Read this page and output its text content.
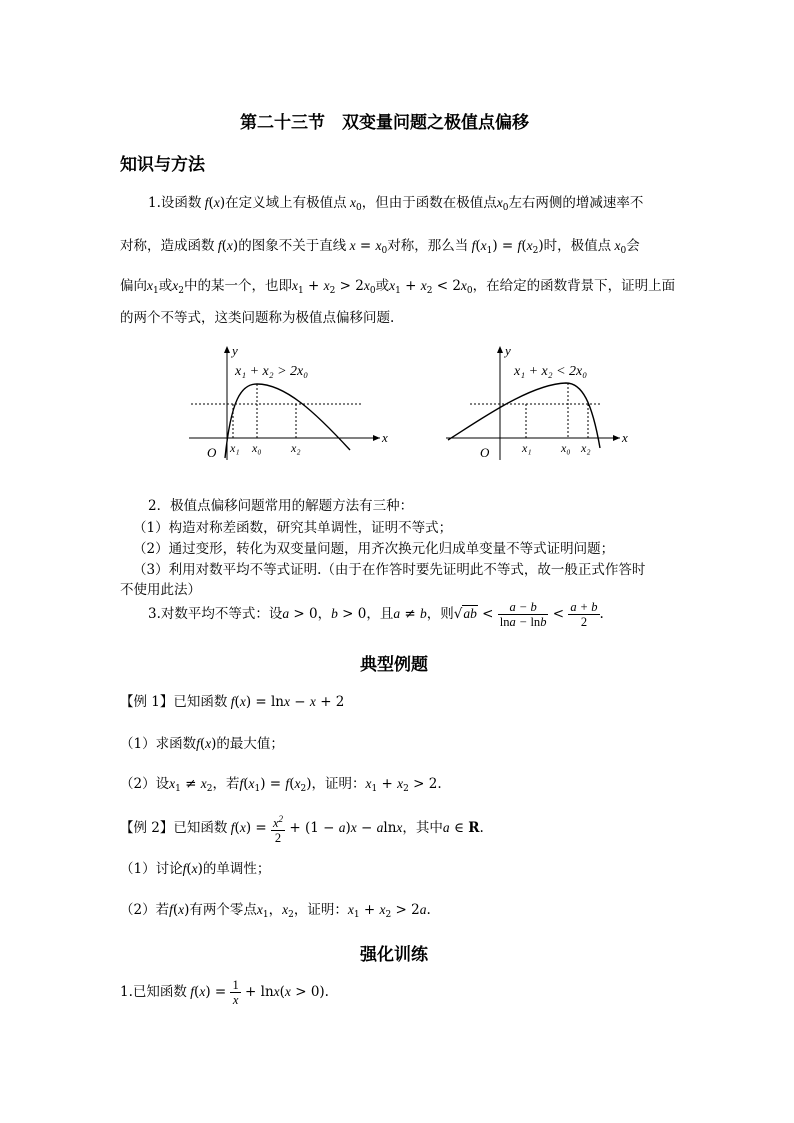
第二十三节　双变量问题之极值点偏移
知识与方法
1.设函数 f(x)在定义域上有极值点 $x_0$，但由于函数在极值点$x_0$左右两侧的增减速率不
对称，造成函数 f(x)的图象不关于直线 $x = x_0$对称，那么当 $f(x_1) = f(x_2)$时，极值点 $x_0$会
偏向$x_1$或$x_2$中的某一个，也即$x_1 + x_2 > 2x_0$或$x_1 + x_2 < 2x_0$，在给定的函数背景下，证明上面
的两个不等式，这类问题称为极值点偏移问题.
y
x₁ + x₂ > 2x₀
x
O x₁ x₀ x₂
y
x₁ + x₂ < 2x₀
x
O	x₁ x₀ x₂
2．极值点偏移问题常用的解题方法有三种：
（1）构造对称差函数，研究其单调性，证明不等式；
（2）通过变形，转化为双变量问题，用齐次换元化归成单变量不等式证明问题；
（3）利用对数平均不等式证明.（由于在作答时要先证明此不等式，故一般正式作答时
不使用此法）
3.对数平均不等式：设a > 0，b > 0，且a ≠ b，则$√ab < \frac{a - b}{\ln a - \ln b} < \frac{a + b}{2}$ .
典型例题
【例 1】已知函数 f(x) = lnx − x + 2
（1）求函数f(x)的最大值；
（2）设$x_1 \ne x_2$，若$f(x_1) = f(x_2)$，证明：$x_1 + x_2 > 2$.
【例 2】已知函数 $f(x) = \frac{x^2}{2} + (1 - a)x - alnx$，其中a ∈ R.
（1）讨论f(x)的单调性；
（2）若f(x)有两个零点$x_1$，$x_2$，证明：$x_1 + x_2 > 2a$.
强化训练
1.已知函数 $f(x) = \frac{1}{x} + \ln x(x > 0)$.
